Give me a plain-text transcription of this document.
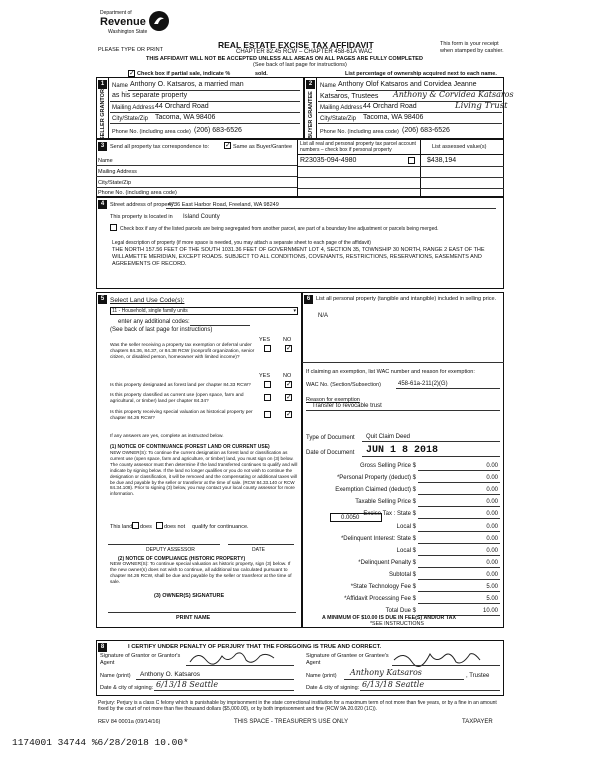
Department of
Revenue
Washington State
PLEASE TYPE OR PRINT	REAL ESTATE EXCISE TAX AFFIDAVIT
CHAPTER 82.45 RCW – CHAPTER 458-61A WAC
THIS AFFIDAVIT WILL NOT BE ACCEPTED UNLESS ALL AREAS ON ALL PAGES ARE FULLY COMPLETED
(See back of last page for instructions)
This form is your receipt
when stamped by cashier.
✓ Check box if partial sale, indicate %	sold.	List percentage of ownership acquired next to each name.
1
SELLER GRANTOR
Name Anthony O. Katsaros, a married man
as his separate property
Mailing Address 44 Orchard Road
City/State/Zip Tacoma, WA 98406
Phone No. (including area code) (206) 683-6526
2
BUYER GRANTEE
Name Anthony Olof Katsaros and Corvidea Jeanne
Katsaros, Trustees Anthony & Corvidea Katsaros
Mailing Address 44 Orchard Road	Living Trust
City/State/Zip Tacoma, WA 98406
Phone No. (including area code) (206) 683-6526
3	Send all property tax correspondence to: ✓ Same as Buyer/Grantee List all real and personal property tax parcel account numbers – check box if personal property	List assessed value(s)
R23035-094-4980	$438,194
Name
Mailing Address
City/State/Zip
Phone No. (including area code)
4	Street address of property:
4736 East Harbor Road, Freeland, WA 98249
This property is located in Island County
Check box if any of the listed parcels are being segregated from another parcel, are part of a boundary line adjustment or parcels being merged.
Legal description of property (if more space is needed, you may attach a separate sheet to each page of the affidavit)
THE NORTH 157.56 FEET OF THE SOUTH 1031.36 FEET OF GOVERNMENT LOT 4, SECTION 35, TOWNSHIP 30 NORTH, RANGE 2 EAST OF THE WILLAMETTE MERIDIAN, EXCEPT ROADS. SUBJECT TO ALL CONDITIONS, COVENANTS, RESTRICTIONS, RESERVATIONS, EASEMENTS AND AGREEMENTS OF RECORD.
5 Select Land Use Code(s):
11 - Household, single family units	▾
enter any additional codes:
(See back of last page for instructions)
YES NO
Was the seller receiving a property tax exemption or deferral under chapters 84.36, 84.37, or 84.38 RCW (nonprofit organization, senior citizen, or disabled person, homeowner with limited income)?
✓
YES NO
Is this property designated as forest land per chapter 84.33 RCW?	✓
Is this property classified as current use (open space, farm and agricultural, or timber) land per chapter 84.34?
✓
Is this property receiving special valuation as historical property per chapter 84.26 RCW?
✓
If any answers are yes, complete as instructed below.
(1) NOTICE OF CONTINUANCE (FOREST LAND OR CURRENT USE)
NEW OWNER(S): To continue the current designation as forest land or classification as current use (open space, farm and agriculture, or timber) land, you must sign on (3) below. The county assessor must then determine if the land transferred continues to qualify and will indicate by signing below. If the land no longer qualifies or you do not wish to continue the designation or classification, it will be removed and the compensating or additional taxes will be due and payable by the seller or transferor at the time of sale. (RCW 84.33.140 or RCW 84.34.108). Prior to signing (3) below, you may contact your local county assessor for more information.
This land does does not qualify for continuance.
DEPUTY ASSESSOR	DATE
(2) NOTICE OF COMPLIANCE (HISTORIC PROPERTY)
NEW OWNER(S): To continue special valuation as historic property, sign (3) below. If the new owner(s) does not wish to continue, all additional tax calculated pursuant to chapter 84.26 RCW, shall be due and payable by the seller or transferor at the time of sale.
(3) OWNER(S) SIGNATURE
PRINT NAME
6	List all personal property (tangible and intangible) included in selling price.
N/A
If claiming an exemption, list WAC number and reason for exemption:
WAC No. (Section/Subsection)	458-61a-211(2)(G)
Reason for exemption
Transfer to revocable trust
Type of Document Quit Claim Deed
Date of Document JUN 1 8 2018
Gross Selling Price $	0.00
*Personal Property (deduct) $	0.00
Exemption Claimed (deduct) $	0.00
Taxable Selling Price $	0.00
Excise Tax : State $	0.00
Local $	0.00
*Delinquent Interest: State $	0.00
Local $	0.00
*Delinquent Penalty $	0.00
Subtotal $	0.00
*State Technology Fee $	5.00
*Affidavit Processing Fee $	5.00
Total Due $	10.00
0.0050
A MINIMUM OF $10.00 IS DUE IN FEE(S) AND/OR TAX
*SEE INSTRUCTIONS
8	I CERTIFY UNDER PENALTY OF PERJURY THAT THE FOREGOING IS TRUE AND CORRECT.
Signature of Grantor or Grantor's Agent
Name (print) Anthony O. Katsaros
Date & city of signing: 6/13/18 Seattle
Signature of Grantee or Grantee's Agent
Name (print) Anthony Katsaros	, Trustee
Date & city of signing: 6/13/18 Seattle
Perjury: Perjury is a class C felony which is punishable by imprisonment in the state correctional institution for a maximum term of not more than five years, or by a fine in an amount fixed by the court of not more than five thousand dollars ($5,000.00), or by both imprisonment and fine (RCW 9A.20.020 (1C)).
REV 84 0001a (09/14/16)	THIS SPACE - TREASURER'S USE ONLY	TAXPAYER
1174001 34744 %6/28/2018 10.00*
